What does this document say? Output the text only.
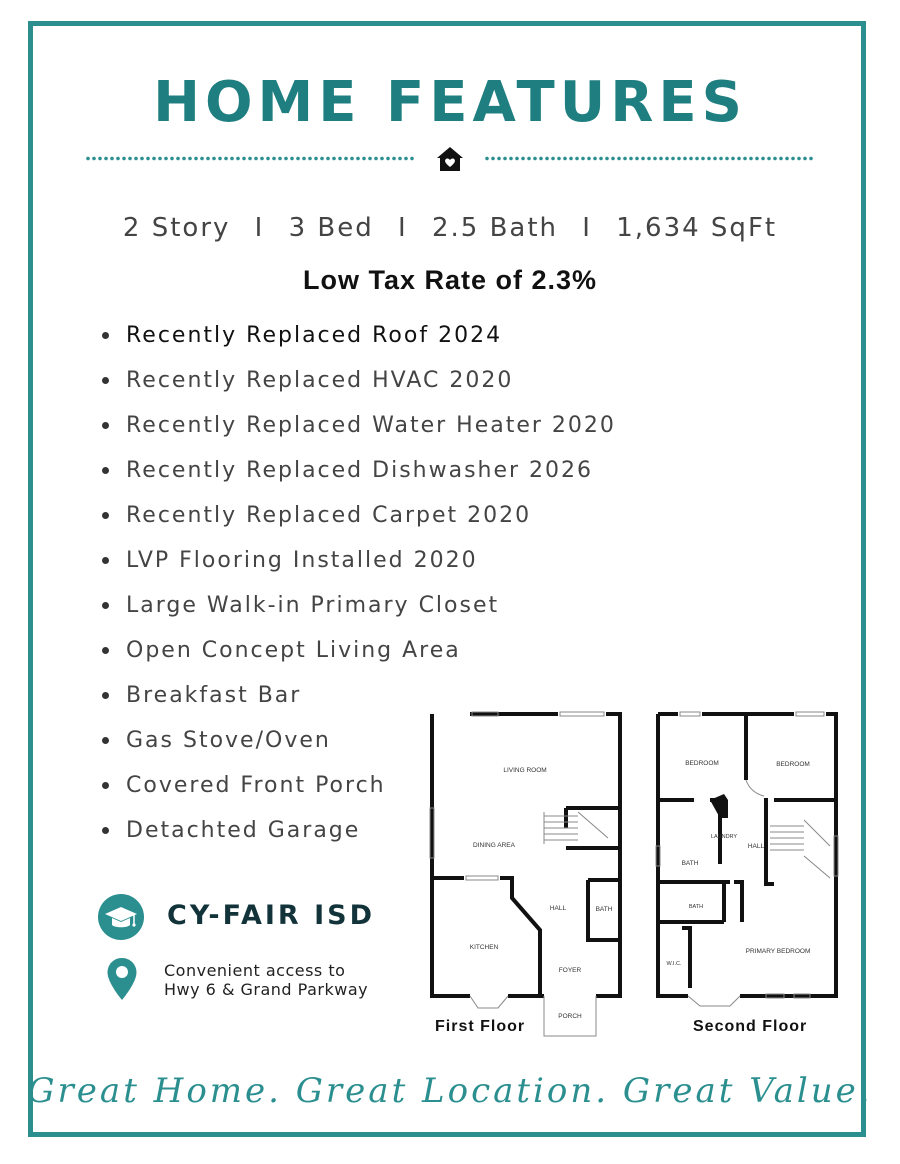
HOME FEATURES
2 Story I 3 Bed I 2.5 Bath I 1,634 SqFt
Low Tax Rate of 2.3%
Recently Replaced Roof 2024
Recently Replaced HVAC 2020
Recently Replaced Water Heater 2020
Recently Replaced Dishwasher 2026
Recently Replaced Carpet 2020
LVP Flooring Installed 2020
Large Walk-in Primary Closet
Open Concept Living Area
Breakfast Bar
Gas Stove/Oven
Covered Front Porch
Detachted Garage
CY-FAIR ISD
Convenient access to
Hwy 6 & Grand Parkway
LIVING ROOM
DINING AREA
HALL	BATH
KITCHEN
FOYER
PORCH
First Floor
BEDROOM	BEDROOM
LAUNDRY
HALL
BATH
BATH
W.I.C.
PRIMARY BEDROOM
Second Floor
Great Home. Great Location. Great Value.
